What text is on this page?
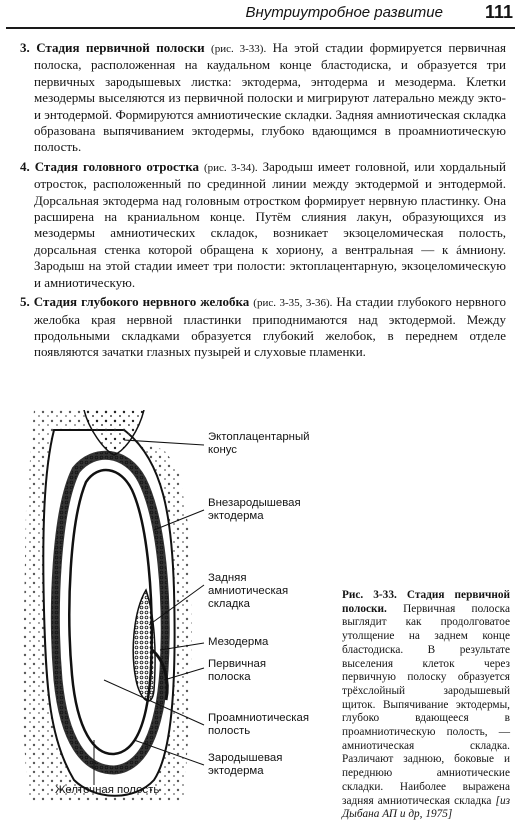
Внутриутробное развитие 111

3. Стадия первичной полоски (рис. 3-33). На этой стадии формируется первичная полоска, расположенная на каудальном конце бластодиска, и образуется три первичных зародышевых листка: эктодерма, энтодерма и мезодерма. Клетки мезодермы выселяются из первичной полоски и мигрируют латерально между экто- и энтодермой. Формируются амниотические складки. Задняя амниотическая складка образована выпячиванием эктодермы, глубоко вдающимся в проамниотическую полость.

4. Стадия головного отростка (рис. 3-34). Зародыш имеет головной, или хордальный отросток, расположенный по срединной линии между эктодермой и энтодермой. Дорсальная эктодерма над головным отростком формирует нервную пластинку. Она расширена на краниальном конце. Путём слияния лакун, образующихся из мезодермы амниотических складок, возникает экзоцеломическая полость, дорсальная стенка которой обращена к хориону, а вентральная — к áмниону. Зародыш на этой стадии имеет три полости: эктоплацентарную, экзоцеломическую и амниотическую.

5. Стадия глубокого нервного желобка (рис. 3-35, 3-36). На стадии глубокого нервного желобка края нервной пластинки приподнимаются над эктодермой. Между продольными складками образуется глубокий желобок, в переднем отделе появляются зачатки глазных пузырей и слуховые пламенки.

Эктоплацентарный
конус
Внезародышевая
эктодерма
Задняя
амниотическая
складка
Мезодерма
Первичная
полоска
Проамниотическая
полость
Зародышевая
эктодерма
Желточная полость
Рис. 3-33. Стадия первичной полоски. Первичная полоска выглядит как продолговатое утолщение на заднем конце бластодиска. В результате выселения клеток через первичную полоску образуется трёхслойный зародышевый щиток. Выпячивание эктодермы, глубоко вдающееся в проамниотическую полость, — амниотическая складка. Различают заднюю, боковые и переднюю амниотические складки. Наиболее выражена задняя амниотическая складка [из Дыбана АП и др, 1975]
